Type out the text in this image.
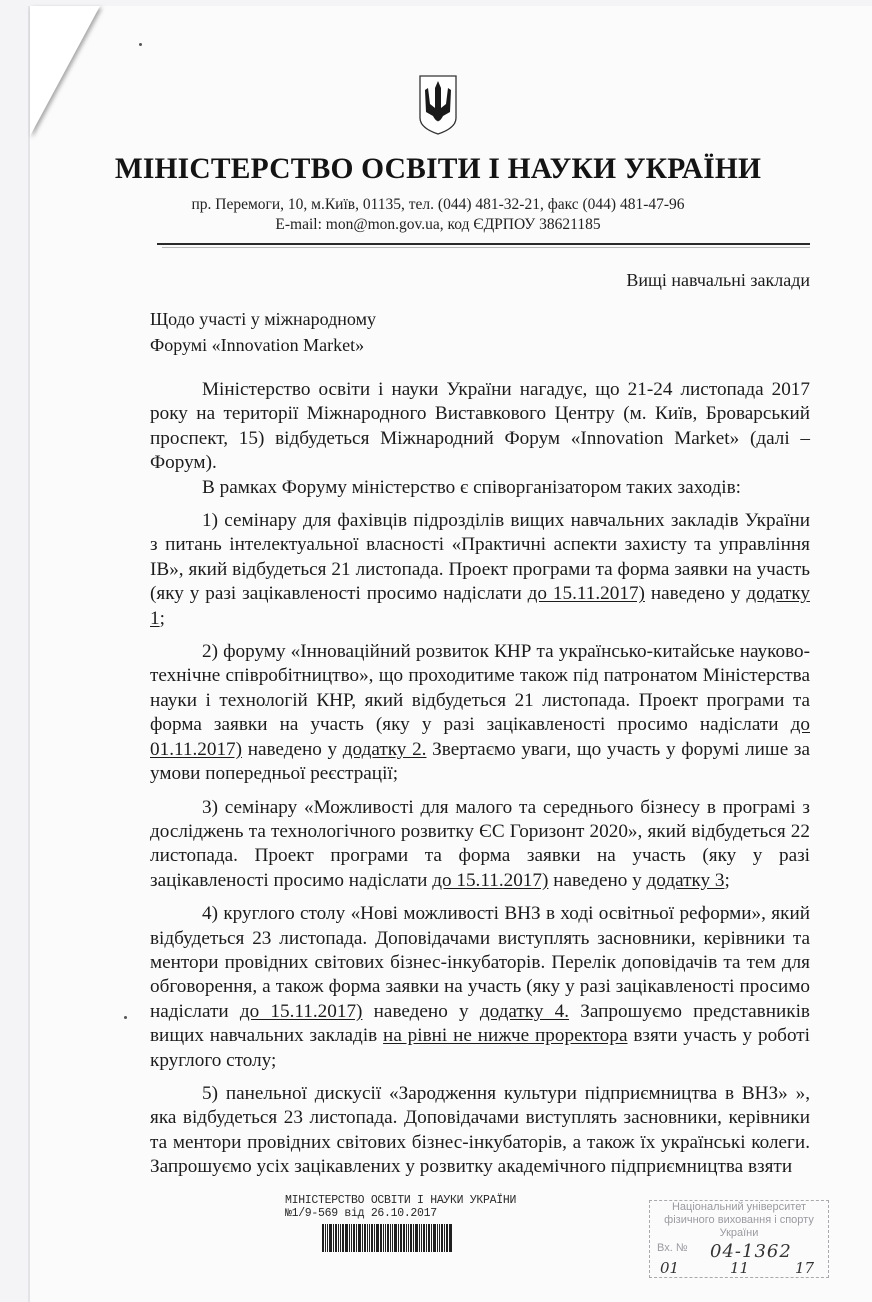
МІНІСТЕРСТВО ОСВІТИ І НАУКИ УКРАЇНИ
пр. Перемоги, 10, м.Київ, 01135, тел. (044) 481-32-21, факс (044) 481-47-96
E-mail: mon@mon.gov.ua, код ЄДРПОУ 38621185
Вищі навчальні заклади
Щодо участі у міжнародному
Форумі «Innovation Market»

Міністерство освіти і науки України нагадує, що 21-24 листопада 2017 року на території Міжнародного Виставкового Центру (м. Київ, Броварський проспект, 15) відбудеться Міжнародний Форум «Innovation Market» (далі – Форум).

В рамках Форуму міністерство є співорганізатором таких заходів:

1) семінару для фахівців підрозділів вищих навчальних закладів України з питань інтелектуальної власності «Практичні аспекти захисту та управління ІВ», який відбудеться 21 листопада. Проект програми та форма заявки на участь (яку у разі зацікавленості просимо надіслати до 15.11.2017) наведено у додатку 1;

2) форуму «Інноваційний розвиток КНР та українсько-китайське науково-технічне співробітництво», що проходитиме також під патронатом Міністерства науки і технологій КНР, який відбудеться 21 листопада. Проект програми та форма заявки на участь (яку у разі зацікавленості просимо надіслати до 01.11.2017) наведено у додатку 2. Звертаємо уваги, що участь у форумі лише за умови попередньої реєстрації;

3) семінару «Можливості для малого та середнього бізнесу в програмі з досліджень та технологічного розвитку ЄС Горизонт 2020», який відбудеться 22 листопада. Проект програми та форма заявки на участь (яку у разі зацікавленості просимо надіслати до 15.11.2017) наведено у додатку 3;

4) круглого столу «Нові можливості ВНЗ в ході освітньої реформи», який відбудеться 23 листопада. Доповідачами виступлять засновники, керівники та ментори провідних світових бізнес-інкубаторів. Перелік доповідачів та тем для обговорення, а також форма заявки на участь (яку у разі зацікавленості просимо надіслати до 15.11.2017) наведено у додатку 4. Запрошуємо представників вищих навчальних закладів на рівні не нижче проректора взяти участь у роботі круглого столу;

5) панельної дискусії «Зародження культури підприємництва в ВНЗ» », яка відбудеться 23 листопада. Доповідачами виступлять засновники, керівники та ментори провідних світових бізнес-інкубаторів, а також їх українські колеги. Запрошуємо усіх зацікавлених у розвитку академічного підприємництва взяти

МІНІСТЕРСТВО ОСВІТИ І НАУКИ УКРАЇНИ
№1/9-569 від 26.10.2017	Національний університет
фізичного виховання і спорту
України
Вх. № 04-1362
01	11	17
